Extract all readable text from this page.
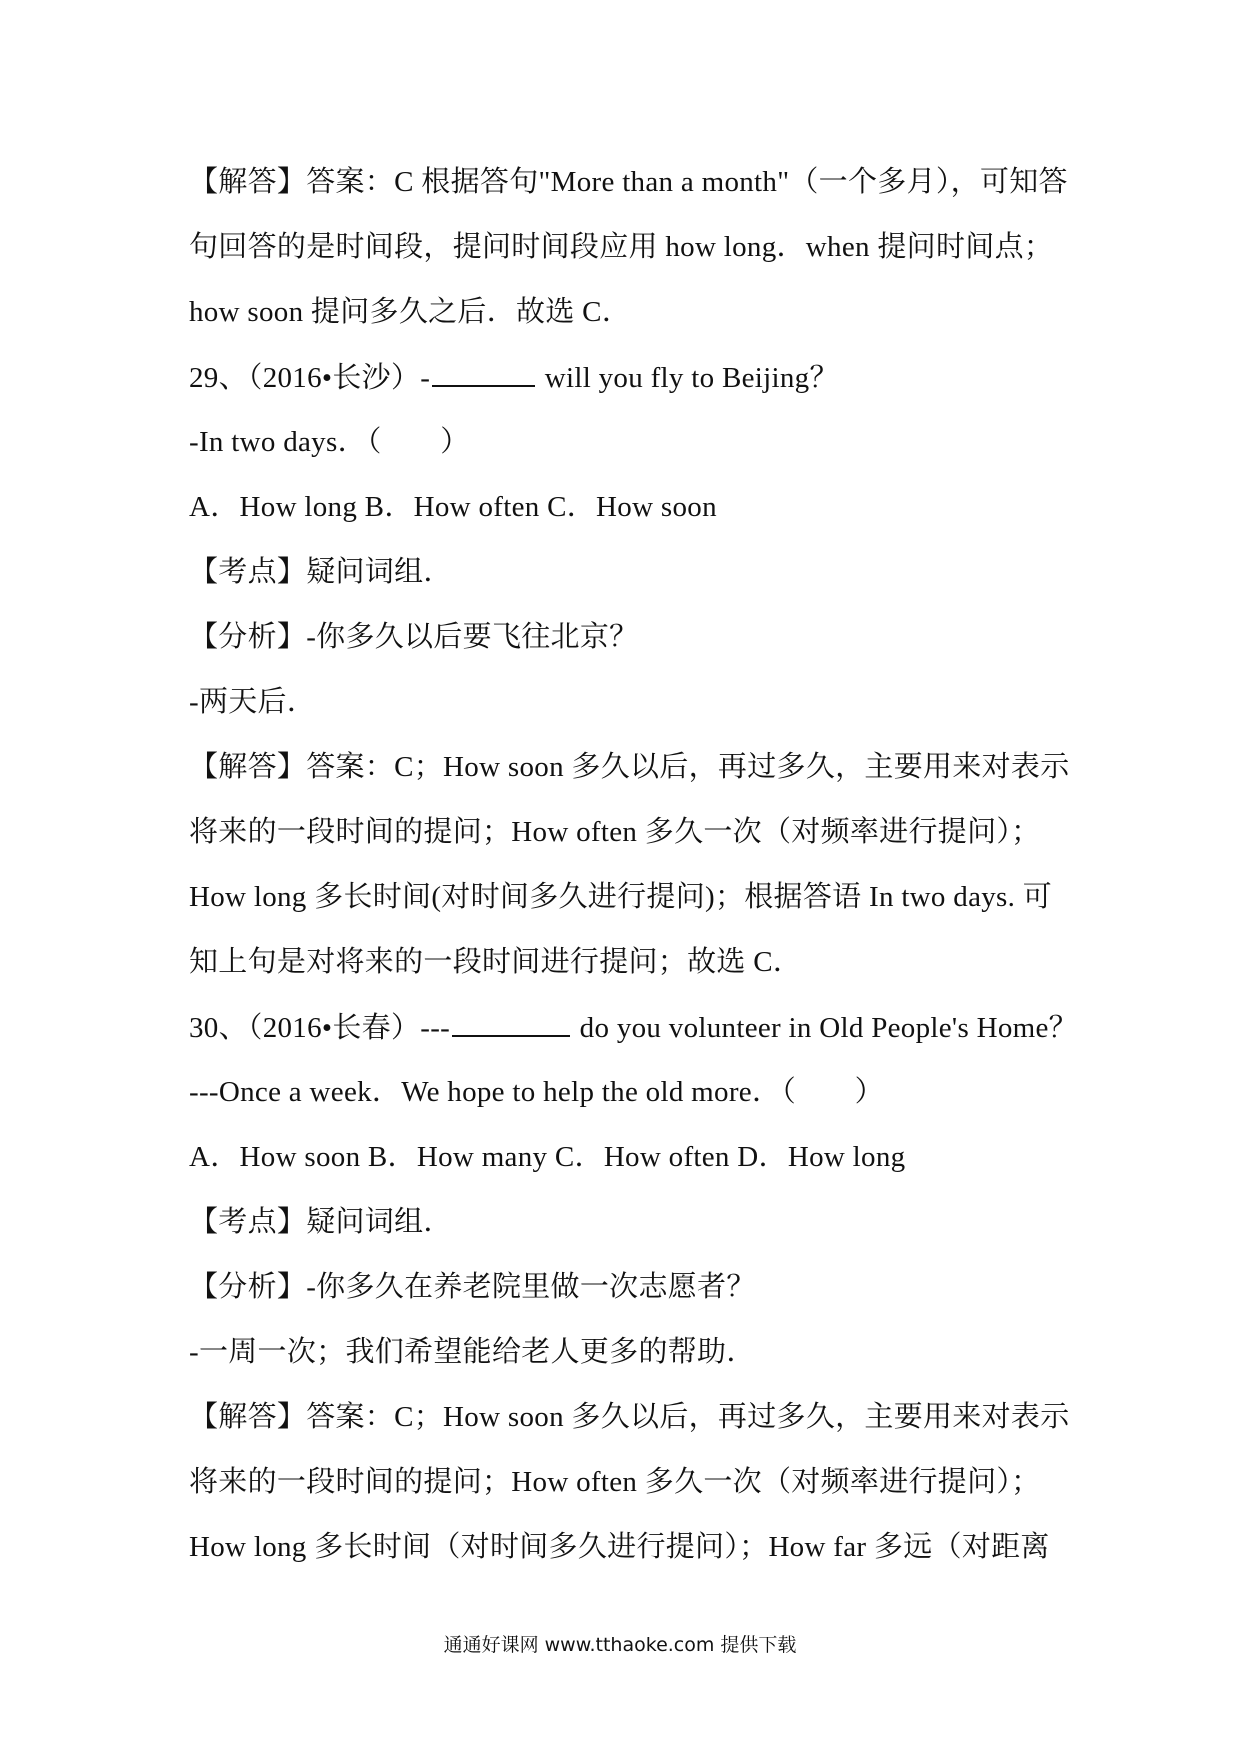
【解答】答案：C 根据答句"More than a month"（一个多月），可知答
句回答的是时间段，提问时间段应用 how long．when 提问时间点；
how soon 提问多久之后．故选 C．
29、（2016•长沙）-	will you fly to Beijing？
-In two days．（　　）
A．How long B．How often C．How soon
【考点】疑问词组．
【分析】-你多久以后要飞往北京？
-两天后．
【解答】答案：C；How soon 多久以后，再过多久，主要用来对表示
将来的一段时间的提问；How often 多久一次（对频率进行提问）；
How long 多长时间(对时间多久进行提问)；根据答语 In two days. 可
知上句是对将来的一段时间进行提问；故选 C．
30、（2016•长春）---	do you volunteer in Old People's Home？
---Once a week．We hope to help the old more．（　　）
A．How soon B．How many C．How often D．How long
【考点】疑问词组．
【分析】-你多久在养老院里做一次志愿者？
-一周一次；我们希望能给老人更多的帮助．
【解答】答案：C；How soon 多久以后，再过多久，主要用来对表示
将来的一段时间的提问；How often 多久一次（对频率进行提问）；
How long 多长时间（对时间多久进行提问）；How far 多远（对距离
通通好课网 www.tthaoke.com 提供下载
